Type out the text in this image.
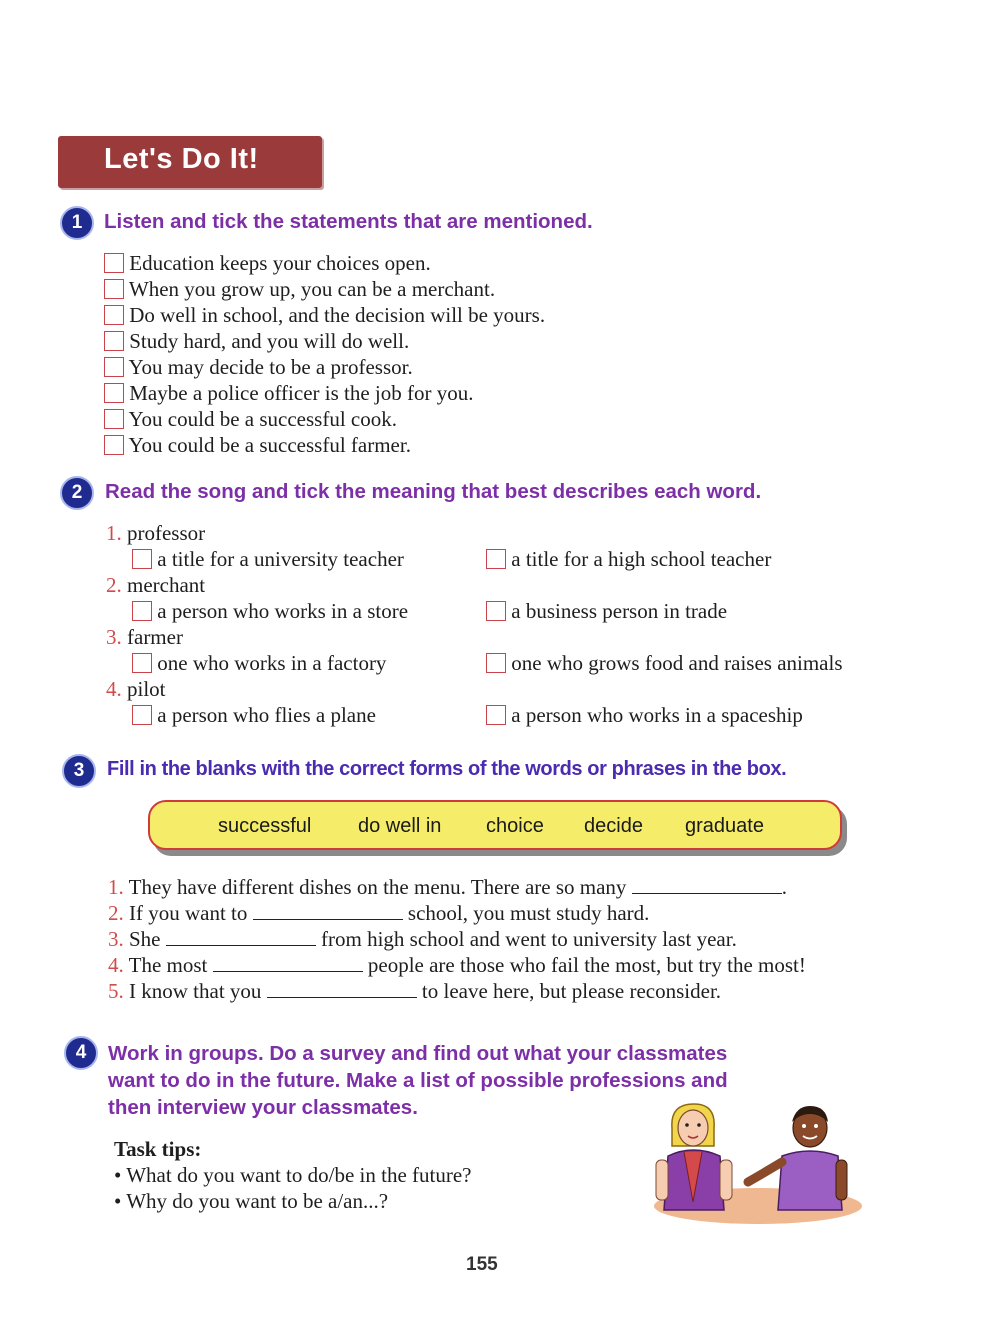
Let's Do It!
1	Listen and tick the statements that are mentioned.
Education keeps your choices open.
When you grow up, you can be a merchant.
Do well in school, and the decision will be yours.
Study hard, and you will do well.
You may decide to be a professor.
Maybe a police officer is the job for you.
You could be a successful cook.
You could be a successful farmer.
2	Read the song and tick the meaning that best describes each word.
1. professor
a title for a university teacher	a title for a high school teacher
2. merchant
a person who works in a store	a business person in trade
3. farmer
one who works in a factory	one who grows food and raises animals
4. pilot
a person who flies a plane	a person who works in a spaceship
3	Fill in the blanks with the correct forms of the words or phrases in the box.
successful do well in choice decide graduate
1. They have different dishes on the menu. There are so many	.
2. If you want to	school, you must study hard.
3. She	from high school and went to university last year.
4. The most	people are those who fail the most, but try the most!
5. I know that you	to leave here, but please reconsider.
4	Work in groups. Do a survey and find out what your classmates
want to do in the future. Make a list of possible professions and
then interview your classmates.
Task tips:
• What do you want to do/be in the future?
• Why do you want to be a/an...?
155
